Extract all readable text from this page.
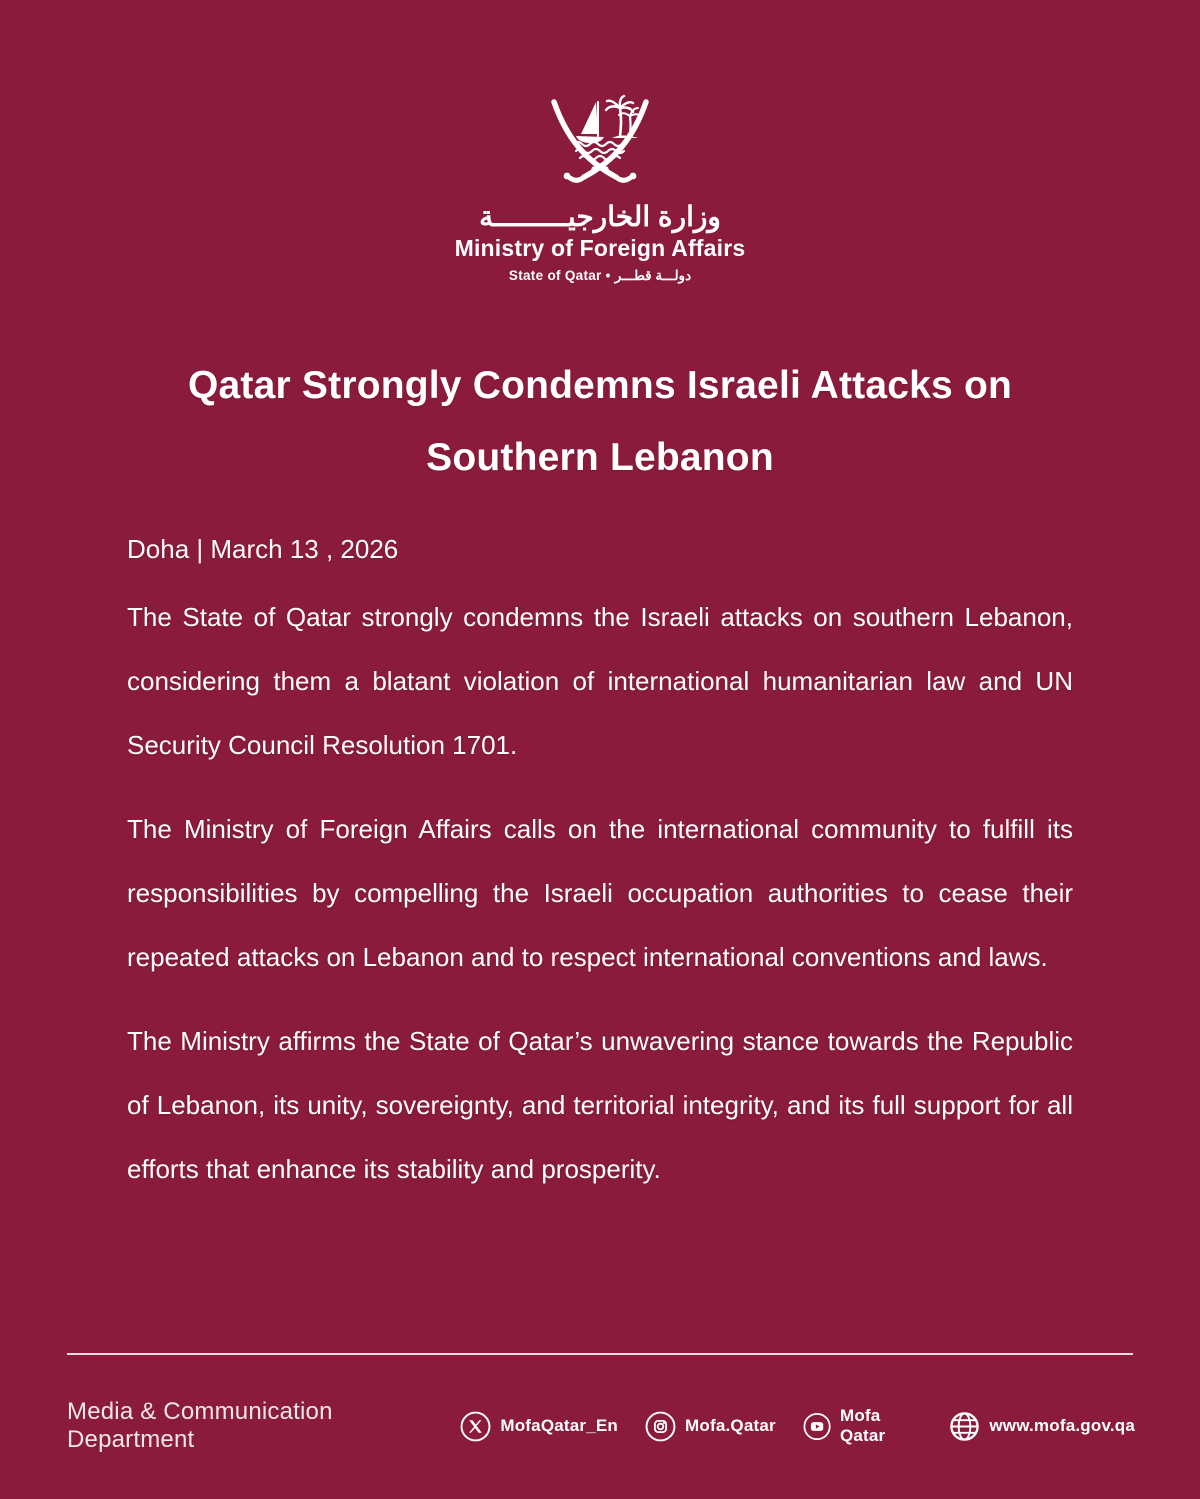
وزارة الخارجيـــــــــة
Ministry of Foreign Affairs
State of Qatar • دولـــة قطـــر
Qatar Strongly Condemns Israeli Attacks on Southern Lebanon
Doha | March 13 , 2026

The State of Qatar strongly condemns the Israeli attacks on southern Lebanon, considering them a blatant violation of international humanitarian law and UN Security Council Resolution 1701.

The Ministry of Foreign Affairs calls on the international community to fulfill its responsibilities by compelling the Israeli occupation authorities to cease their repeated attacks on Lebanon and to respect international conventions and laws.

The Ministry affirms the State of Qatar’s unwavering stance towards the Republic of Lebanon, its unity, sovereignty, and territorial integrity, and its full support for all efforts that enhance its stability and prosperity.

Media & Communication Department
MofaQatar_En	Mofa.Qatar
Mofa Qatar
www.mofa.gov.qa
